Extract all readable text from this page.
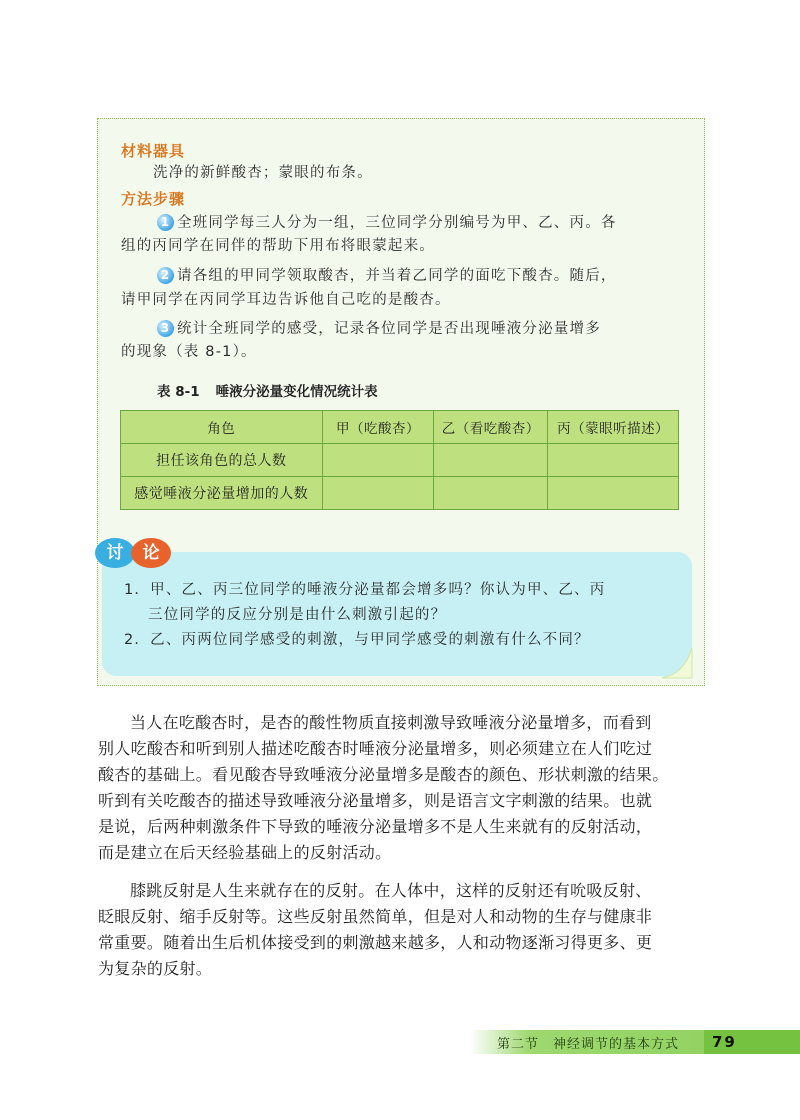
材料器具
洗净的新鲜酸杏；蒙眼的布条。
方法步骤
1 全班同学每三人分为一组，三位同学分别编号为甲、乙、丙。各
组的丙同学在同伴的帮助下用布将眼蒙起来。
2 请各组的甲同学领取酸杏，并当着乙同学的面吃下酸杏。随后，
请甲同学在丙同学耳边告诉他自己吃的是酸杏。
3 统计全班同学的感受，记录各位同学是否出现唾液分泌量增多
的现象（表 8-1）。
表 8-1 唾液分泌量变化情况统计表
角色	甲（吃酸杏）	乙（看吃酸杏）	丙（蒙眼听描述）
担任该角色的总人数			
感觉唾液分泌量增加的人数			
讨	论
1．甲、乙、丙三位同学的唾液分泌量都会增多吗？你认为甲、乙、丙
三位同学的反应分别是由什么刺激引起的？
2．乙、丙两位同学感受的刺激，与甲同学感受的刺激有什么不同？
当人在吃酸杏时，是杏的酸性物质直接刺激导致唾液分泌量增多，而看到
别人吃酸杏和听到别人描述吃酸杏时唾液分泌量增多，则必须建立在人们吃过
酸杏的基础上。看见酸杏导致唾液分泌量增多是酸杏的颜色、形状刺激的结果。
听到有关吃酸杏的描述导致唾液分泌量增多，则是语言文字刺激的结果。也就
是说，后两种刺激条件下导致的唾液分泌量增多不是人生来就有的反射活动，
而是建立在后天经验基础上的反射活动。
膝跳反射是人生来就存在的反射。在人体中，这样的反射还有吮吸反射、
眨眼反射、缩手反射等。这些反射虽然简单，但是对人和动物的生存与健康非
常重要。随着出生后机体接受到的刺激越来越多，人和动物逐渐习得更多、更
为复杂的反射。
第二节 神经调节的基本方式 79
